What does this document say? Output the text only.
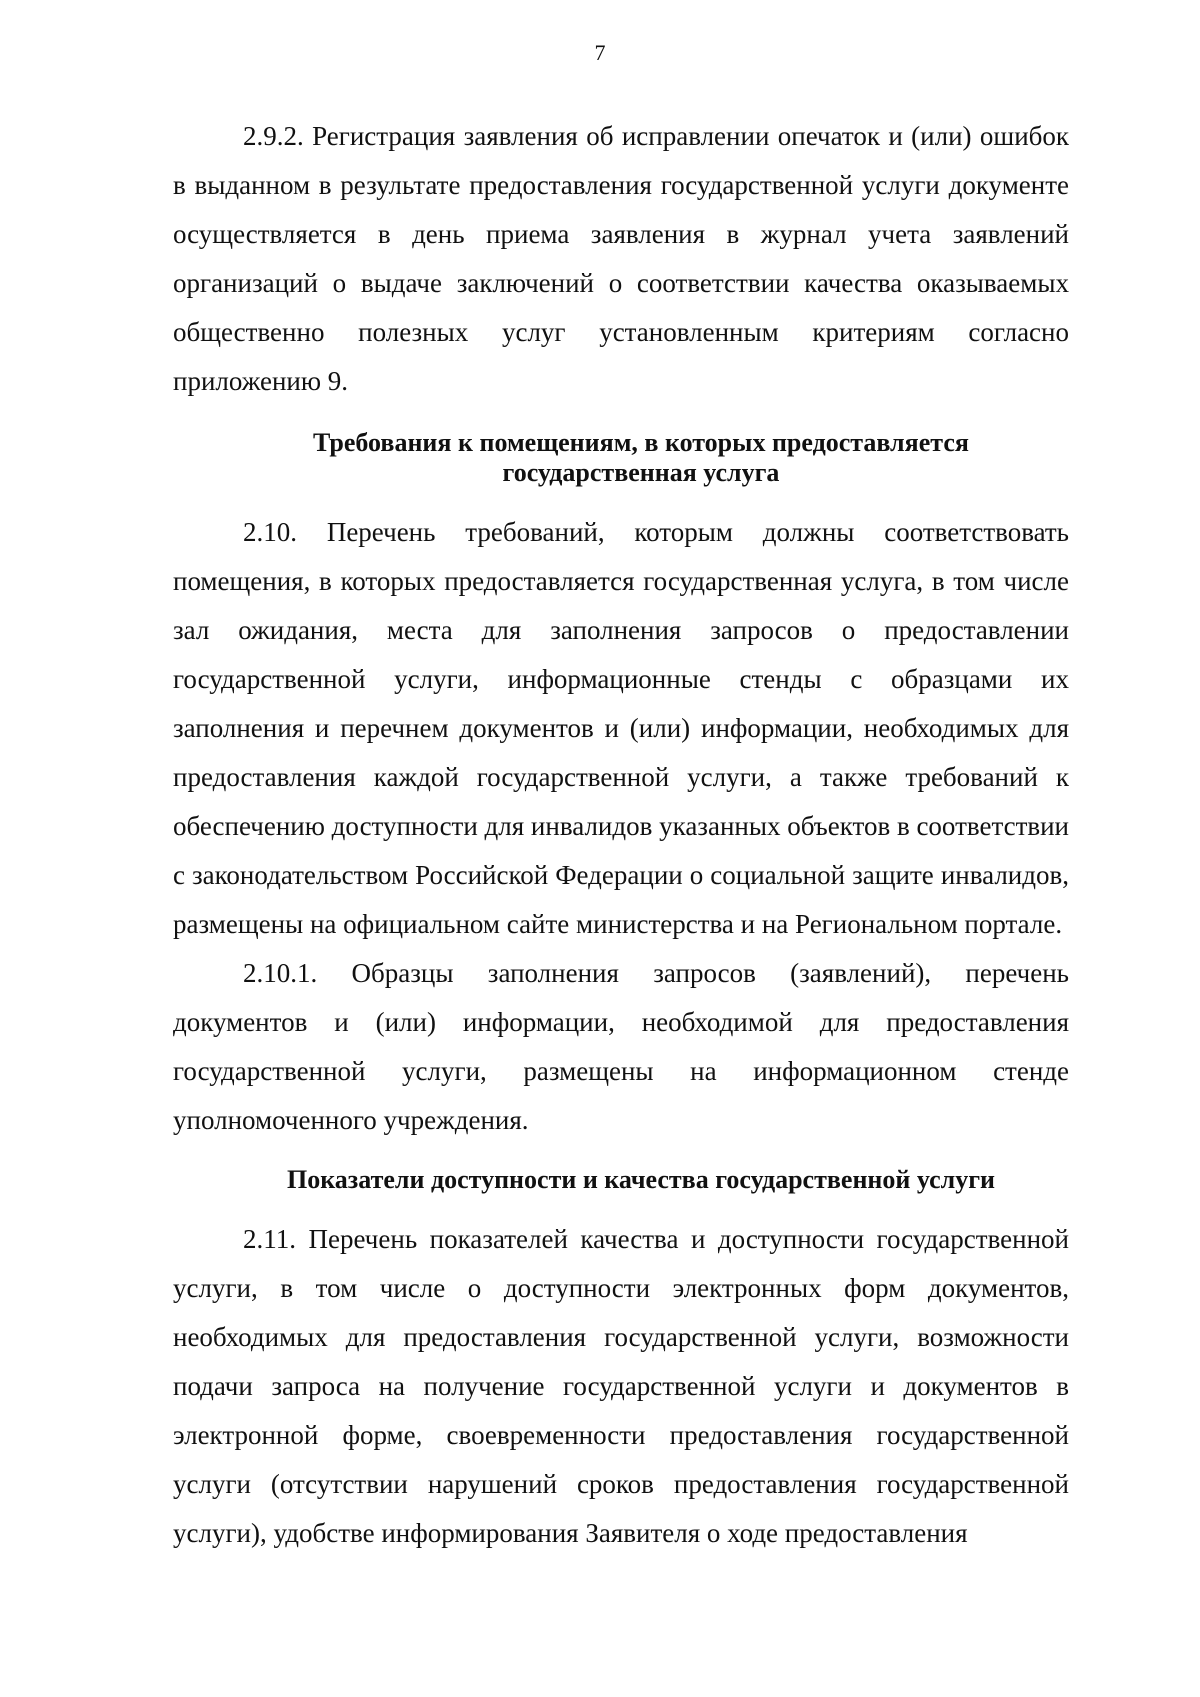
7

2.9.2. Регистрация заявления об исправлении опечаток и (или) ошибок в выданном в результате предоставления государственной услуги документе осуществляется в день приема заявления в журнал учета заявлений организаций о выдаче заключений о соответствии качества оказываемых общественно полезных услуг установленным критериям согласно приложению 9.

Требования к помещениям, в которых предоставляется
государственная услуга

2.10. Перечень требований, которым должны соответствовать помещения, в которых предоставляется государственная услуга, в том числе зал ожидания, места для заполнения запросов о предоставлении государственной услуги, информационные стенды с образцами их заполнения и перечнем документов и (или) информации, необходимых для предоставления каждой государственной услуги, а также требований к обеспечению доступности для инвалидов указанных объектов в соответствии с законодательством Российской Федерации о социальной защите инвалидов, размещены на официальном сайте министерства и на Региональном портале.

2.10.1. Образцы заполнения запросов (заявлений), перечень документов и (или) информации, необходимой для предоставления государственной услуги, размещены на информационном стенде уполномоченного учреждения.

Показатели доступности и качества государственной услуги

2.11. Перечень показателей качества и доступности государственной услуги, в том числе о доступности электронных форм документов, необходимых для предоставления государственной услуги, возможности подачи запроса на получение государственной услуги и документов в электронной форме, своевременности предоставления государственной услуги (отсутствии нарушений сроков предоставления государственной услуги), удобстве информирования Заявителя о ходе предоставления
